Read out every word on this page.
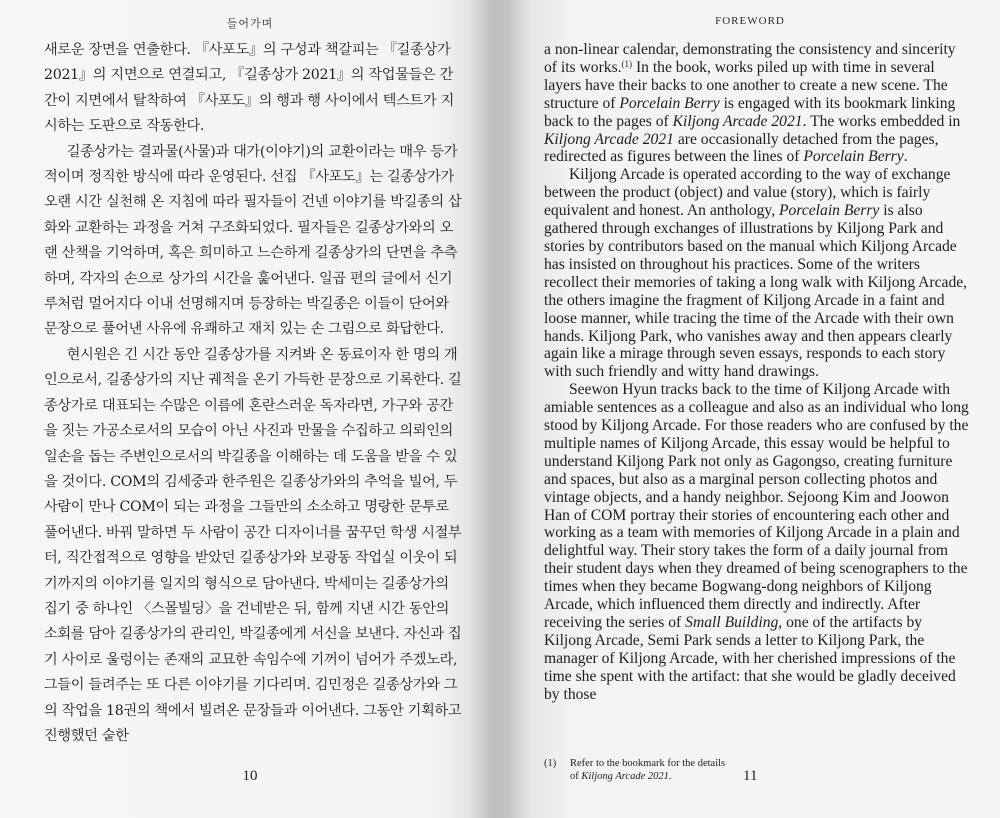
들어가며

새로운 장면을 연출한다. 『사포도』의 구성과 책갈피는 『길종상가 2021』의 지면으로 연결되고, 『길종상가 2021』의 작업물들은 간간이 지면에서 탈착하여 『사포도』의 행과 행 사이에서 텍스트가 지시하는 도판으로 작동한다.

길종상가는 결과물(사물)과 대가(이야기)의 교환이라는 매우 등가적이며 정직한 방식에 따라 운영된다. 선집 『사포도』는 길종상가가 오랜 시간 실천해 온 지침에 따라 필자들이 건넨 이야기를 박길종의 삽화와 교환하는 과정을 거쳐 구조화되었다. 필자들은 길종상가와의 오랜 산책을 기억하며, 혹은 희미하고 느슨하게 길종상가의 단면을 추측하며, 각자의 손으로 상가의 시간을 훑어낸다. 일곱 편의 글에서 신기루처럼 멀어지다 이내 선명해지며 등장하는 박길종은 이들이 단어와 문장으로 풀어낸 사유에 유쾌하고 재치 있는 손 그림으로 화답한다.

현시원은 긴 시간 동안 길종상가를 지켜봐 온 동료이자 한 명의 개인으로서, 길종상가의 지난 궤적을 온기 가득한 문장으로 기록한다. 길종상가로 대표되는 수많은 이름에 혼란스러운 독자라면, 가구와 공간을 짓는 가공소로서의 모습이 아닌 사진과 만물을 수집하고 의뢰인의 일손을 돕는 주변인으로서의 박길종을 이해하는 데 도움을 받을 수 있을 것이다. COM의 김세중과 한주원은 길종상가와의 추억을 빌어, 두 사람이 만나 COM이 되는 과정을 그들만의 소소하고 명랑한 문투로 풀어낸다. 바꿔 말하면 두 사람이 공간 디자이너를 꿈꾸던 학생 시절부터, 직간접적으로 영향을 받았던 길종상가와 보광동 작업실 이웃이 되기까지의 이야기를 일지의 형식으로 담아낸다. 박세미는 길종상가의 집기 중 하나인 〈스몰빌딩〉을 건네받은 뒤, 함께 지낸 시간 동안의 소회를 담아 길종상가의 관리인, 박길종에게 서신을 보낸다. 자신과 집기 사이로 울렁이는 존재의 교묘한 속임수에 기꺼이 넘어가 주겠노라, 그들이 들려주는 또 다른 이야기를 기다리며. 김민정은 길종상가와 그의 작업을 18권의 책에서 빌려온 문장들과 이어낸다. 그동안 기획하고 진행했던 숱한

10
FOREWORD

a non-linear calendar, demonstrating the consistency and sincerity of its works.$^{(1)}$ In the book, works piled up with time in several layers have their backs to one another to create a new scene. The structure of Porcelain Berry is engaged with its bookmark linking back to the pages of Kiljong Arcade 2021. The works embedded in Kiljong Arcade 2021 are occasionally detached from the pages, redirected as figures between the lines of Porcelain Berry.

Kiljong Arcade is operated according to the way of exchange between the product (object) and value (story), which is fairly equivalent and honest. An anthology, Porcelain Berry is also gathered through exchanges of illustrations by Kiljong Park and stories by contributors based on the manual which Kiljong Arcade has insisted on throughout his practices. Some of the writers recollect their memories of taking a long walk with Kiljong Arcade, the others imagine the fragment of Kiljong Arcade in a faint and loose manner, while tracing the time of the Arcade with their own hands. Kiljong Park, who vanishes away and then appears clearly again like a mirage through seven essays, responds to each story with such friendly and witty hand drawings.

Seewon Hyun tracks back to the time of Kiljong Arcade with amiable sentences as a colleague and also as an individual who long stood by Kiljong Arcade. For those readers who are confused by the multiple names of Kiljong Arcade, this essay would be helpful to understand Kiljong Park not only as Gagongso, creating furniture and spaces, but also as a marginal person collecting photos and vintage objects, and a handy neighbor. Sejoong Kim and Joowon Han of COM portray their stories of encountering each other and working as a team with memories of Kiljong Arcade in a plain and delightful way. Their story takes the form of a daily journal from their student days when they dreamed of being scenographers to the times when they became Bogwang-dong neighbors of Kiljong Arcade, which influenced them directly and indirectly. After receiving the series of Small Building, one of the artifacts by Kiljong Arcade, Semi Park sends a letter to Kiljong Park, the manager of Kiljong Arcade, with her cherished impressions of the time she spent with the artifact: that she would be gladly deceived by those

(1)	Refer to the bookmark for the details of Kiljong Arcade 2021.	11
